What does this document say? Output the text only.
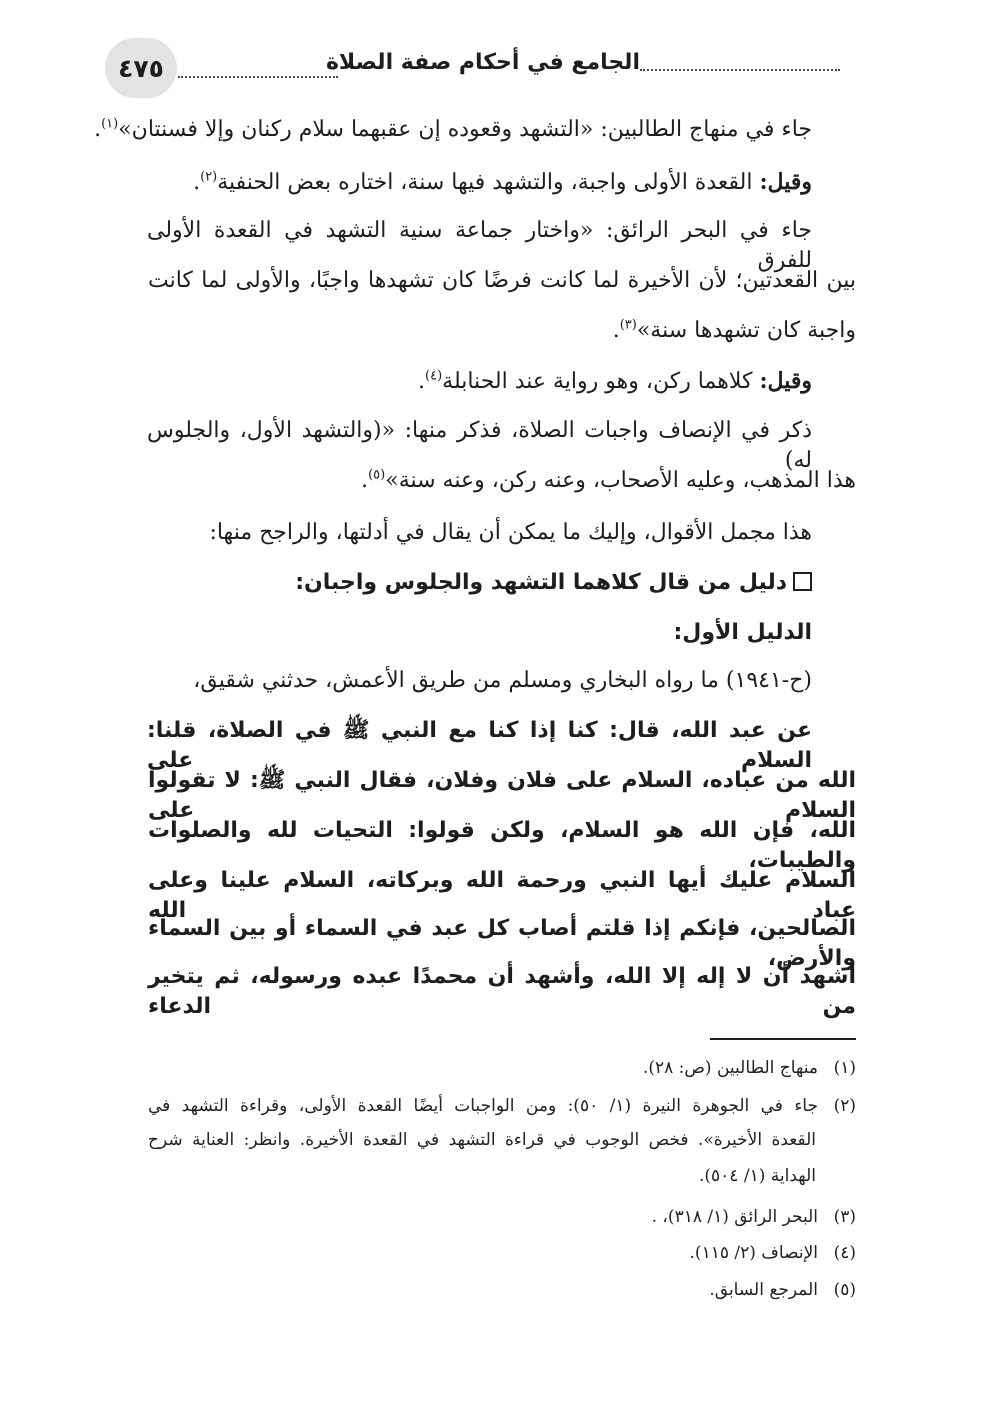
٤٧٥	الجامع في أحكام صفة الصلاة
جاء في منهاج الطالبين: «التشهد وقعوده إن عقبهما سلام ركنان وإلا فسنتان»$^{(١)}$.
وقيل: القعدة الأولى واجبة، والتشهد فيها سنة، اختاره بعض الحنفية$^{(٢)}$.
جاء في البحر الرائق: «واختار جماعة سنية التشهد في القعدة الأولى للفرق
بين القعدتين؛ لأن الأخيرة لما كانت فرضًا كان تشهدها واجبًا، والأولى لما كانت
واجبة كان تشهدها سنة»$^{(٣)}$.
وقيل: كلاهما ركن، وهو رواية عند الحنابلة$^{(٤)}$.
ذكر في الإنصاف واجبات الصلاة، فذكر منها: «(والتشهد الأول، والجلوس له)
هذا المذهب، وعليه الأصحاب، وعنه ركن، وعنه سنة»$^{(٥)}$.
هذا مجمل الأقوال، وإليك ما يمكن أن يقال في أدلتها، والراجح منها:
دليل من قال كلاهما التشهد والجلوس واجبان:
الدليل الأول:
(ح-١٩٤١) ما رواه البخاري ومسلم من طريق الأعمش، حدثني شقيق،
عن عبد الله، قال: كنا إذا كنا مع النبي ﷺ في الصلاة، قلنا: السلام على
الله من عباده، السلام على فلان وفلان، فقال النبي ﷺ: لا تقولوا السلام على
الله، فإن الله هو السلام، ولكن قولوا: التحيات لله والصلوات والطيبات،
السلام عليك أيها النبي ورحمة الله وبركاته، السلام علينا وعلى عباد الله
الصالحين، فإنكم إذا قلتم أصاب كل عبد في السماء أو بين السماء والأرض،
أشهد أن لا إله إلا الله، وأشهد أن محمدًا عبده ورسوله، ثم يتخير من الدعاء
(١)منهاج الطالبين (ص: ٢٨).
(٢)جاء في الجوهرة النيرة (١/ ٥٠): ومن الواجبات أيضًا القعدة الأولى، وقراءة التشهد في
القعدة الأخيرة». فخص الوجوب في قراءة التشهد في القعدة الأخيرة. وانظر: العناية شرح
الهداية (١/ ٥٠٤).
(٣)البحر الرائق (١/ ٣١٨)، .
(٤)الإنصاف (٢/ ١١٥).
(٥)المرجع السابق.
